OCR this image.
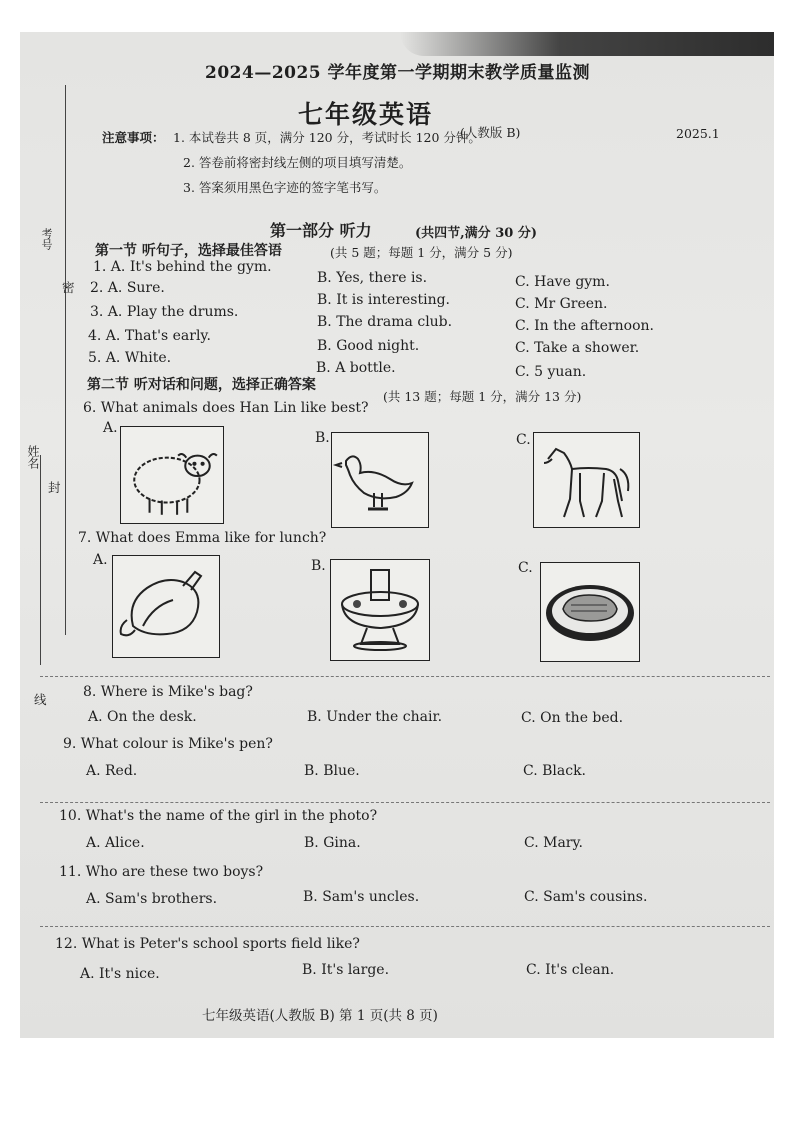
考号
姓名
密
封
线
2024—2025 学年度第一学期期末教学质量监测
七年级英语
(人教版 B)	2025.1
注意事项： 1. 本试卷共 8 页，满分 120 分，考试时长 120 分钟。
2. 答卷前将密封线左侧的项目填写清楚。
3. 答案须用黑色字迹的签字笔书写。
第一部分 听力	(共四节,满分 30 分)
第一节 听句子，选择最佳答语	(共 5 题；每题 1 分，满分 5 分)
1. A. It's behind the gym.
B. Yes, there is.	C. Have gym.
2. A. Sure.
B. It is interesting.	C. Mr Green.
3. A. Play the drums.
B. The drama club.	C. In the afternoon.
4. A. That's early.
B. Good night.	C. Take a shower.
5. A. White.
B. A bottle.	C. 5 yuan.
第二节 听对话和问题，选择正确答案
(共 13 题；每题 1 分，满分 13 分)
6. What animals does Han Lin like best?
A.
B.	C.
7. What does Emma like for lunch?
A.	B.	C.
8. Where is Mike's bag?
A. On the desk.	B. Under the chair.	C. On the bed.
9. What colour is Mike's pen?
A. Red.	B. Blue.	C. Black.
10. What's the name of the girl in the photo?
A. Alice.	B. Gina.	C. Mary.
11. Who are these two boys?
A. Sam's brothers.	B. Sam's uncles.	C. Sam's cousins.
12. What is Peter's school sports field like?
A. It's nice.	B. It's large.	C. It's clean.
七年级英语(人教版 B) 第 1 页(共 8 页)
